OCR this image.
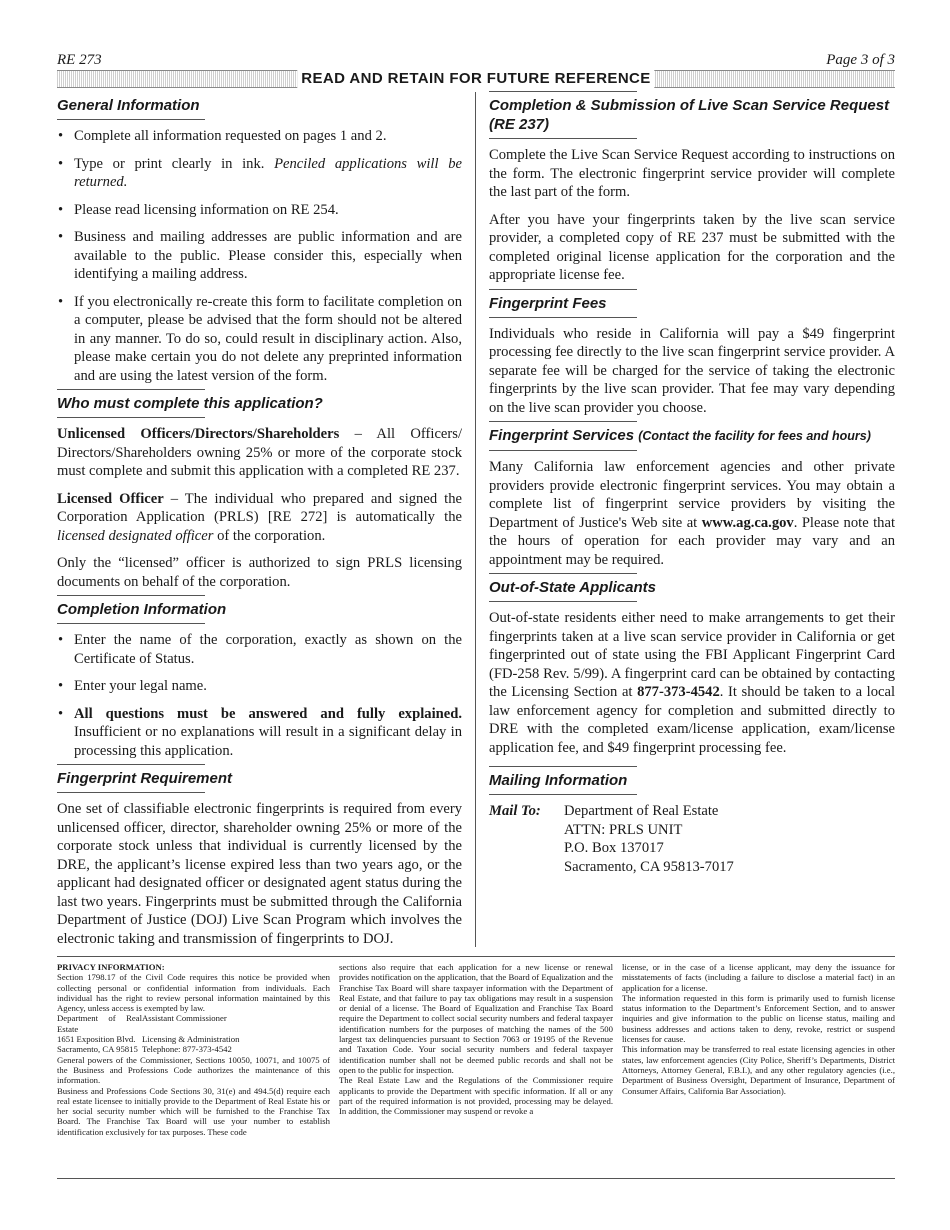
RE 273	Page 3 of 3
READ AND RETAIN FOR FUTURE REFERENCE
General Information
• Complete all information requested on pages 1 and 2.
• Type or print clearly in ink. Penciled applications will be returned.
• Please read licensing information on RE 254.
• Business and mailing addresses are public information and are available to the public. Please consider this, especially when identifying a mailing address.
• If you electronically re-create this form to facilitate completion on a computer, please be advised that the form should not be altered in any manner. To do so, could result in disciplinary action. Also, please make certain you do not delete any preprinted information and are using the latest version of the form.
Who must complete this application?

Unlicensed Officers/Directors/Shareholders – All Officers/ Directors/Shareholders owning 25% or more of the corporate stock must complete and submit this application with a completed RE 237.

Licensed Officer – The individual who prepared and signed the Corporation Application (PRLS) [RE 272] is automatically the licensed designated officer of the corporation.

Only the “licensed” officer is authorized to sign PRLS licensing documents on behalf of the corporation.

Completion Information
• Enter the name of the corporation, exactly as shown on the Certificate of Status.
• Enter your legal name.
• All questions must be answered and fully explained. Insufficient or no explanations will result in a significant delay in processing this application.
Fingerprint Requirement

One set of classifiable electronic fingerprints is required from every unlicensed officer, director, shareholder owning 25% or more of the corporate stock unless that individual is currently licensed by the DRE, the applicant’s license expired less than two years ago, or the applicant had designated officer or designated agent status during the last two years. Fingerprints must be submitted through the California Department of Justice (DOJ) Live Scan Program which involves the electronic taking and transmission of fingerprints to DOJ.

Completion & Submission of Live Scan Service Request (RE 237)

Complete the Live Scan Service Request according to instructions on the form. The electronic fingerprint service provider will complete the last part of the form.

After you have your fingerprints taken by the live scan service provider, a completed copy of RE 237 must be submitted with the completed original license application for the corporation and the appropriate license fee.

Fingerprint Fees

Individuals who reside in California will pay a $49 fingerprint processing fee directly to the live scan fingerprint service provider. A separate fee will be charged for the service of taking the electronic fingerprints by the live scan provider. That fee may vary depending on the live scan provider you choose.

Fingerprint Services (Contact the facility for fees and hours)

Many California law enforcement agencies and other private providers provide electronic fingerprint services. You may obtain a complete list of fingerprint service providers by visiting the Department of Justice's Web site at www.ag.ca.gov. Please note that the hours of operation for each provider may vary and an appointment may be required.

Out-of-State Applicants

Out-of-state residents either need to make arrangements to get their fingerprints taken at a live scan service provider in California or get fingerprinted out of state using the FBI Applicant Fingerprint Card (FD-258 Rev. 5/99). A fingerprint card can be obtained by contacting the Licensing Section at 877-373-4542. It should be taken to a local law enforcement agency for completion and submitted directly to DRE with the completed exam/license application, exam/license application fee, and $49 fingerprint processing fee.

Mailing Information
Mail To:	Department of Real Estate
ATTN: PRLS UNIT
P.O. Box 137017
Sacramento, CA 95813-7017

PRIVACY INFORMATION:

Section 1798.17 of the Civil Code requires this notice be provided when collecting personal or confidential information from individuals. Each individual has the right to review personal information maintained by this Agency, unless access is exempted by law.

Department of Real Estate
Assistant Commissioner
1651 Exposition Blvd. Licensing & Administration
Sacramento, CA 95815 Telephone: 877-373-4542

General powers of the Commissioner, Sections 10050, 10071, and 10075 of the Business and Professions Code authorizes the maintenance of this information.

Business and Professions Code Sections 30, 31(e) and 494.5(d) require each real estate licensee to initially provide to the Department of Real Estate his or her social security number which will be furnished to the Franchise Tax Board. The Franchise Tax Board will use your number to establish identification exclusively for tax purposes. These code

sections also require that each application for a new license or renewal provides notification on the application, that the Board of Equalization and the Franchise Tax Board will share taxpayer information with the Department of Real Estate, and that failure to pay tax obligations may result in a suspension or denial of a license. The Board of Equalization and Franchise Tax Board require the Department to collect social security numbers and federal taxpayer identification numbers for the purposes of matching the names of the 500 largest tax delinquencies pursuant to Section 7063 or 19195 of the Revenue and Taxation Code. Your social security numbers and federal taxpayer identification number shall not be deemed public records and shall not be open to the public for inspection.

The Real Estate Law and the Regulations of the Commissioner require applicants to provide the Department with specific information. If all or any part of the required information is not provided, processing may be delayed. In addition, the Commissioner may suspend or revoke a

license, or in the case of a license applicant, may deny the issuance for misstatements of facts (including a failure to disclose a material fact) in an application for a license.

The information requested in this form is primarily used to furnish license status information to the Department’s Enforcement Section, and to answer inquiries and give information to the public on license status, mailing and business addresses and actions taken to deny, revoke, restrict or suspend licenses for cause.

This information may be transferred to real estate licensing agencies in other states, law enforcement agencies (City Police, Sheriff’s Departments, District Attorneys, Attorney General, F.B.I.), and any other regulatory agencies (i.e., Department of Business Oversight, Department of Insurance, Department of Consumer Affairs, California Bar Association).
